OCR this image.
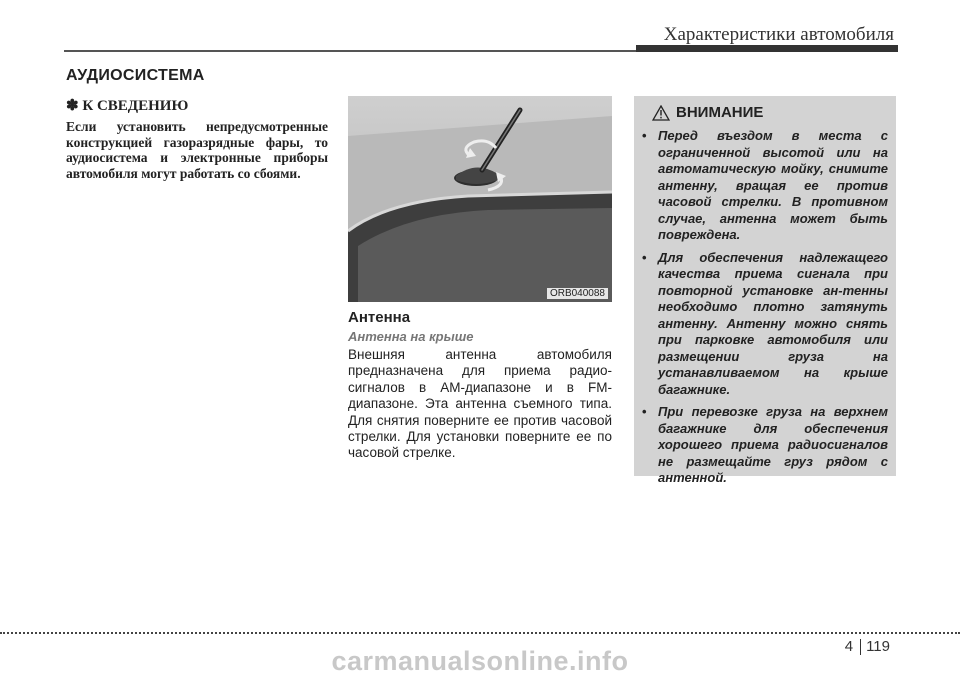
Характеристики автомобиля
АУДИОСИСТЕМА

✽ К СВЕДЕНИЮ

Если установить непредусмотренные конструкцией газоразрядные фары, то аудиосистема и электронные приборы автомобиля могут работать со сбоями.

ORB040088

Антенна

Антенна на крыше

Внешняя антенна автомобиля предназначена для приема радио-сигналов в АМ-диапазоне и в FM-диапазоне. Эта антенна съемного типа. Для снятия поверните ее против часовой стрелки. Для установки поверните ее по часовой стрелке.

ВНИМАНИЕ
• Перед въездом в места с ограниченной высотой или на автоматическую мойку, снимите антенну, вращая ее против часовой стрелки. В противном случае, антенна может быть повреждена.
• Для обеспечения надлежащего качества приема сигнала при повторной установке ан-тенны необходимо плотно затянуть антенну. Антенну можно снять при парковке автомобиля или размещении груза на устанавливаемом на крыше багажнике.
• При перевозке груза на верхнем багажнике для обеспечения хорошего приема радиосигналов не размещайте груз рядом с антенной.
4 119
carmanualsonline.info
